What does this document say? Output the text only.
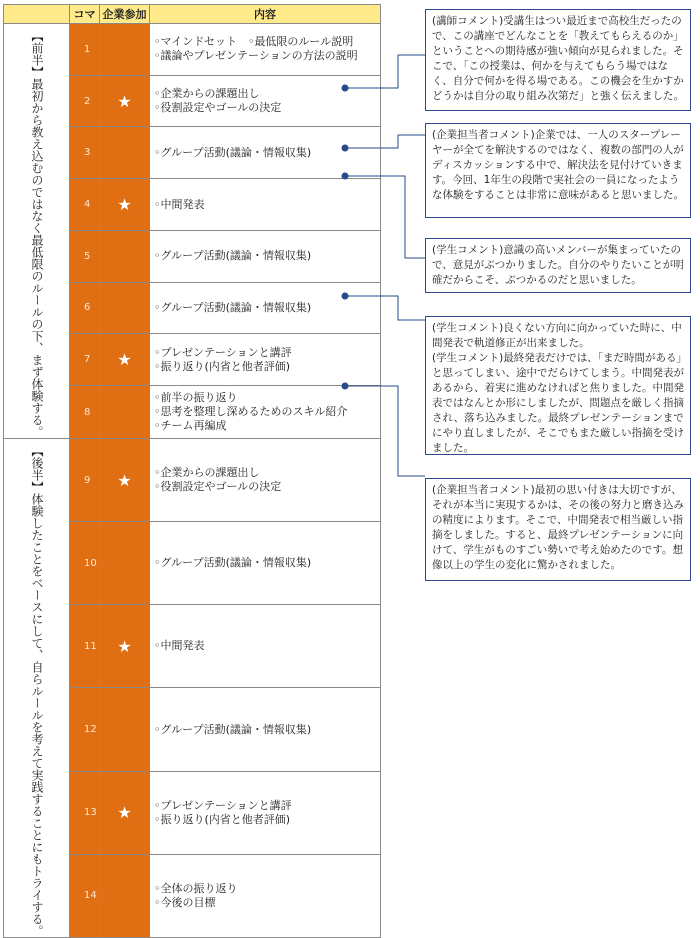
	コマ	企業参加	内容

【前半】最初から教え込むのではなく最低限のルールの下、まず体験する。	1		◦マインドセット　◦最低限のルール説明
◦議論やプレゼンテーションの方法の説明
	2	★	◦企業からの課題出し
◦役割設定やゴールの決定
	3		◦グループ活動(議論・情報収集)
	4	★	◦中間発表
	5		◦グループ活動(議論・情報収集)
	6		◦グループ活動(議論・情報収集)
	7	★	◦プレゼンテーションと講評
◦振り返り(内省と他者評価)
	8		◦前半の振り返り
◦思考を整理し深めるためのスキル紹介
◦チーム再編成

【後半】体験したことをベースにして、自らルールを考えて実践することにもトライする。	9	★	◦企業からの課題出し
◦役割設定やゴールの決定
	10		◦グループ活動(議論・情報収集)
	11	★	◦中間発表
	12		◦グループ活動(議論・情報収集)
	13	★	◦プレゼンテーションと講評
◦振り返り(内省と他者評価)
	14		◦全体の振り返り
◦今後の目標
(講師コメント)受講生はつい最近まで高校生だったので、この講座でどんなことを「教えてもらえるのか」ということへの期待感が強い傾向が見られました。そこで、「この授業は、何かを与えてもらう場ではなく、自分で何かを得る場である。この機会を生かすかどうかは自分の取り組み次第だ」と強く伝えました。
(企業担当者コメント)企業では、一人のスタープレーヤーが全てを解決するのではなく、複数の部門の人がディスカッションする中で、解決法を見付けていきます。今回、1年生の段階で実社会の一員になったような体験をすることは非常に意味があると思いました。
(学生コメント)意識の高いメンバーが集まっていたので、意見がぶつかりました。自分のやりたいことが明確だからこそ、ぶつかるのだと思いました。
(学生コメント)良くない方向に向かっていた時に、中間発表で軌道修正が出来ました。
(学生コメント)最終発表だけでは、「まだ時間がある」と思ってしまい、途中でだらけてしまう。中間発表があるから、着実に進めなければと焦りました。中間発表ではなんとか形にしましたが、問題点を厳しく指摘され、落ち込みました。最終プレゼンテーションまでにやり直しましたが、そこでもまた厳しい指摘を受けました。
(企業担当者コメント)最初の思い付きは大切ですが、それが本当に実現するかは、その後の努力と磨き込みの精度によります。そこで、中間発表で相当厳しい指摘をしました。すると、最終プレゼンテーションに向けて、学生がものすごい勢いで考え始めたのです。想像以上の学生の変化に驚かされました。
